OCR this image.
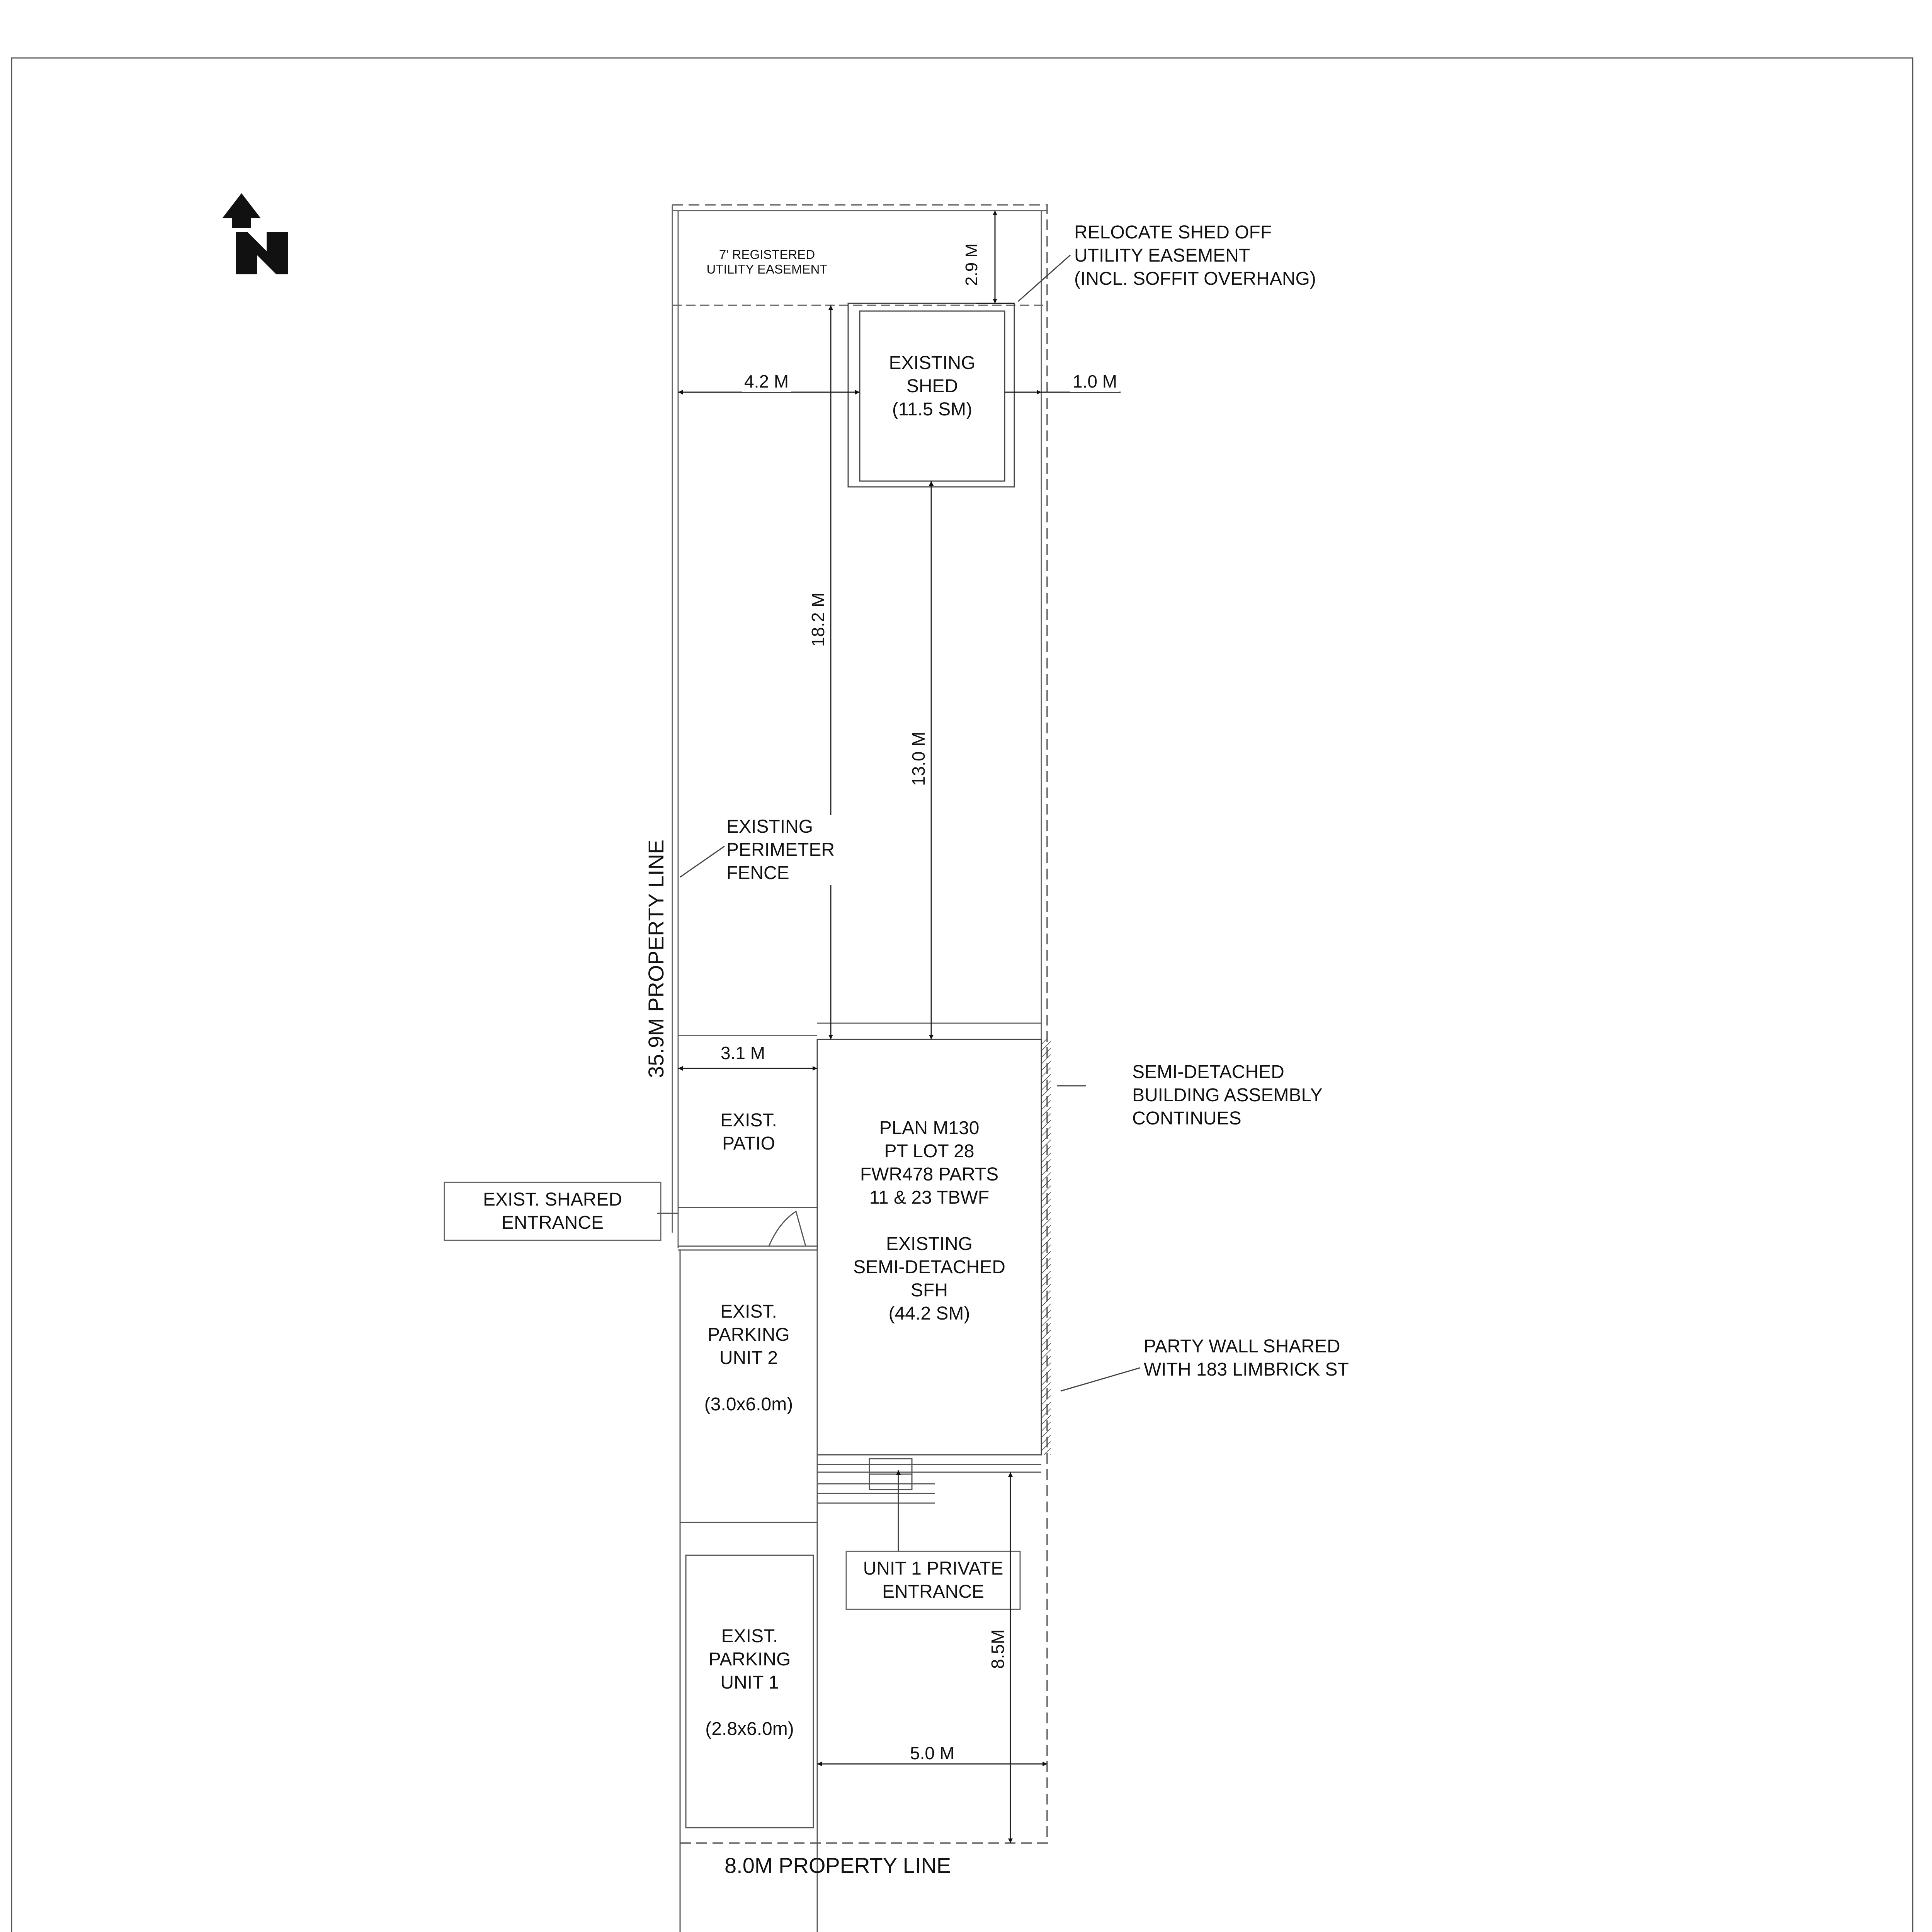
7' REGISTERED
UTILITY EASEMENT	2.9 M
RELOCATE SHED OFF
UTILITY EASEMENT
(INCL. SOFFIT OVERHANG)
EXISTING
SHED
(11.5 SM)
4.2 M	1.0 M
18.2 M
13.0 M
EXISTING
PERIMETER
FENCE
35.9M PROPERTY LINE	3.1 M
EXIST.
PATIO
PLAN M130
PT LOT 28
FWR478 PARTS
11 & 23 TBWF
EXISTING
SEMI-DETACHED
SFH
(44.2 SM)
SEMI-DETACHED
BUILDING ASSEMBLY
CONTINUES
EXIST. SHARED
ENTRANCE
EXIST.
PARKING
UNIT 2
(3.0x6.0m)
PARTY WALL SHARED
WITH 183 LIMBRICK ST
UNIT 1 PRIVATE
ENTRANCE
EXIST.
PARKING
UNIT 1
(2.8x6.0m)
8.5M
5.0 M
8.0M PROPERTY LINE
